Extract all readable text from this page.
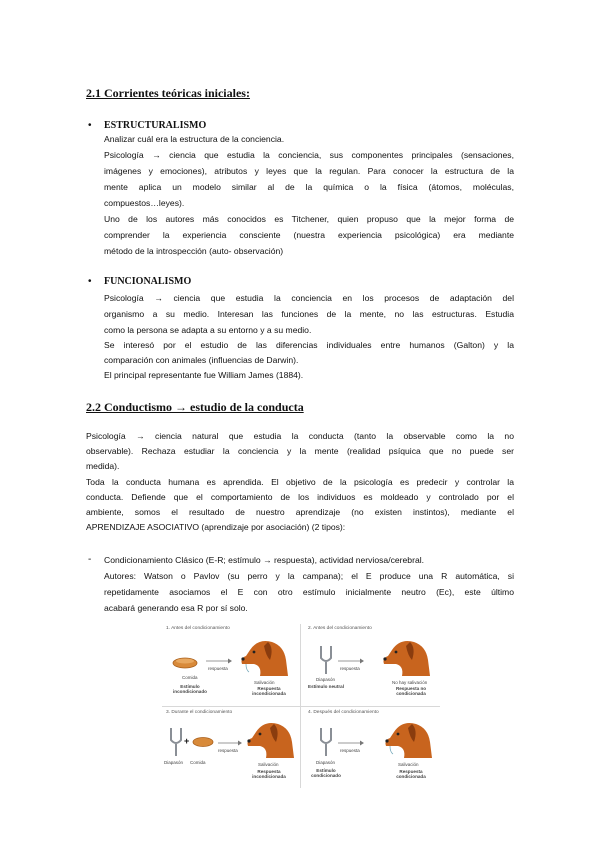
2.1 Corrientes teóricas iniciales:
• ESTRUCTURALISMO
Analizar cuál era la estructura de la conciencia.
Psicología → ciencia que estudia la conciencia, sus componentes principales (sensaciones,
imágenes y emociones), atributos y leyes que la regulan. Para conocer la estructura de la
mente aplica un modelo similar al de la química o la física (átomos, moléculas,
compuestos…leyes).
Uno de los autores más conocidos es Titchener, quien propuso que la mejor forma de
comprender la experiencia consciente (nuestra experiencia psicológica) era mediante
método de la introspección (auto- observación)
• FUNCIONALISMO
Psicología → ciencia que estudia la conciencia en los procesos de adaptación del
organismo a su medio. Interesan las funciones de la mente, no las estructuras. Estudia
como la persona se adapta a su entorno y a su medio.
Se interesó por el estudio de las diferencias individuales entre humanos (Galton) y la
comparación con animales (influencias de Darwin).
El principal representante fue William James (1884).
2.2 Conductismo → estudio de la conducta
Psicología → ciencia natural que estudia la conducta (tanto la observable como la no
observable). Rechaza estudiar la conciencia y la mente (realidad psíquica que no puede ser
medida).
Toda la conducta humana es aprendida. El objetivo de la psicología es predecir y controlar la
conducta. Defiende que el comportamiento de los individuos es moldeado y controlado por el
ambiente, somos el resultado de nuestro aprendizaje (no existen instintos), mediante el
APRENDIZAJE ASOCIATIVO (aprendizaje por asociación) (2 tipos):
- Condicionamiento Clásico (E-R; estímulo → respuesta), actividad nerviosa/cerebral.
Autores: Watson o Pavlov (su perro y la campana); el E produce una R automática, si
repetidamente asociamos el E con otro estímulo inicialmente neutro (Ec), este último
acabará generando esa R por sí solo.
1. Antes del condicionamiento
respuesta
Comida
Salivación
Estímulo incondicionado
Respuesta incondicionada
2. Antes del condicionamiento
respuesta
Diapasón
No hay salivación
Estímulo neutral	Respuesta no condicionada
3. Durante el condicionamiento
+
respuesta
Diapasón Comida	Salivación
Respuesta incondicionada
4. Después del condicionamiento
respuesta
Diapasón	Salivación
Estímulo condicionado
Respuesta condicionada
